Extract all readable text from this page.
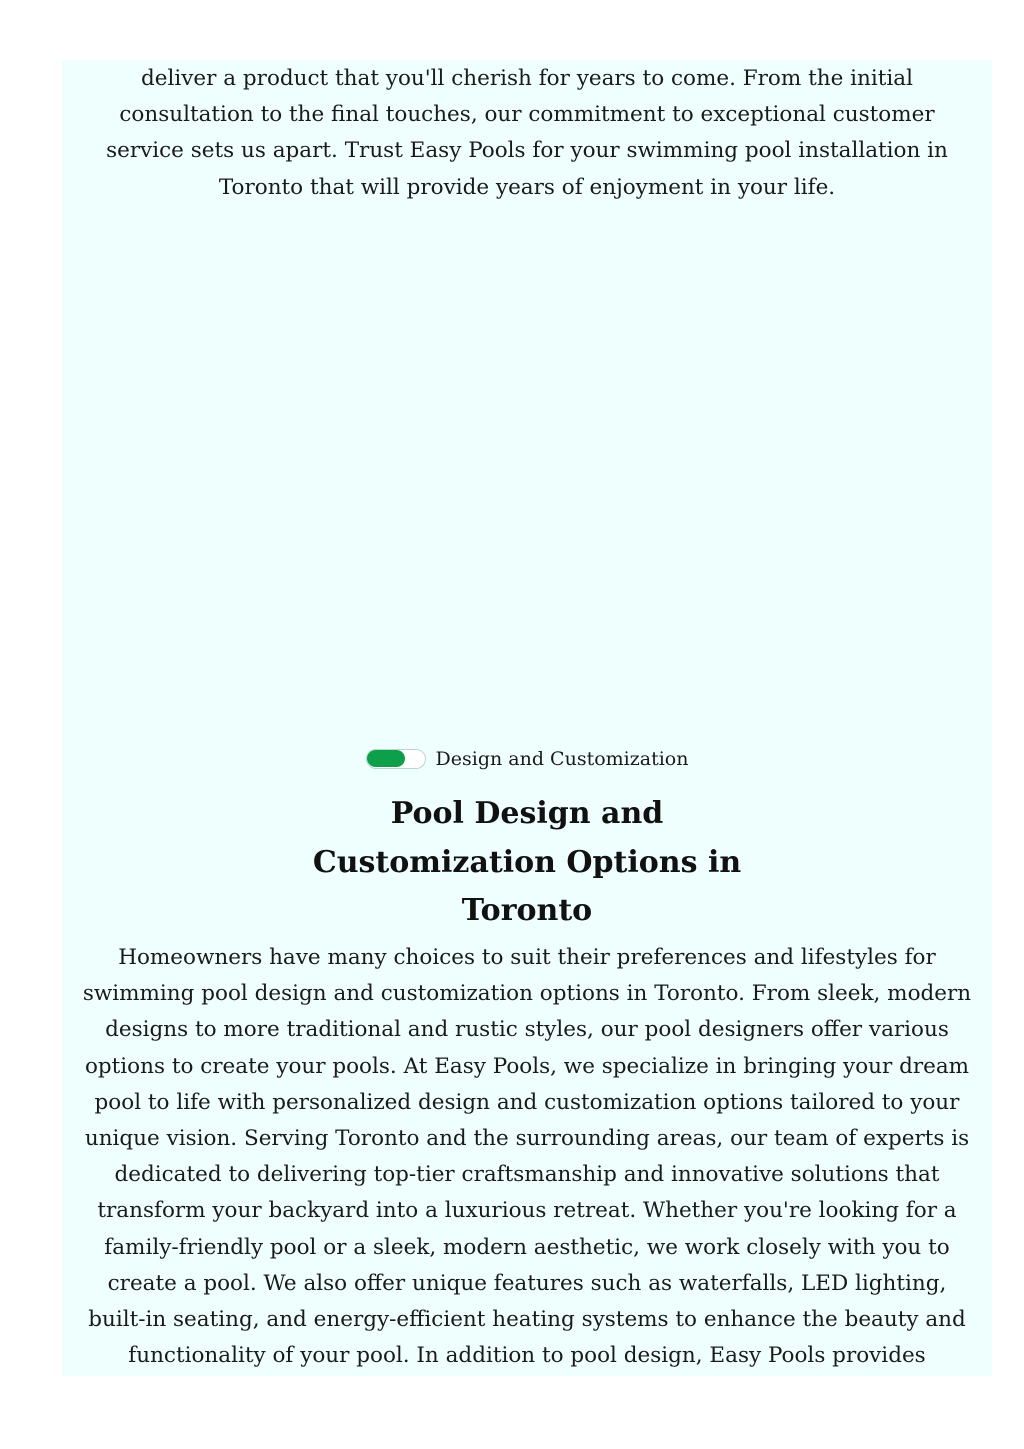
deliver a product that you'll cherish for years to come. From the initial consultation to the final touches, our commitment to exceptional customer service sets us apart. Trust Easy Pools for your swimming pool installation in Toronto that will provide years of enjoyment in your life.

Design and Customization
Pool Design and Customization Options in Toronto

Homeowners have many choices to suit their preferences and lifestyles for swimming pool design and customization options in Toronto. From sleek, modern designs to more traditional and rustic styles, our pool designers offer various options to create your pools. At Easy Pools, we specialize in bringing your dream pool to life with personalized design and customization options tailored to your unique vision. Serving Toronto and the surrounding areas, our team of experts is dedicated to delivering top-tier craftsmanship and innovative solutions that transform your backyard into a luxurious retreat. Whether you're looking for a family-friendly pool or a sleek, modern aesthetic, we work closely with you to create a pool. We also offer unique features such as waterfalls, LED lighting, built-in seating, and energy-efficient heating systems to enhance the beauty and functionality of your pool. In addition to pool design, Easy Pools provides
